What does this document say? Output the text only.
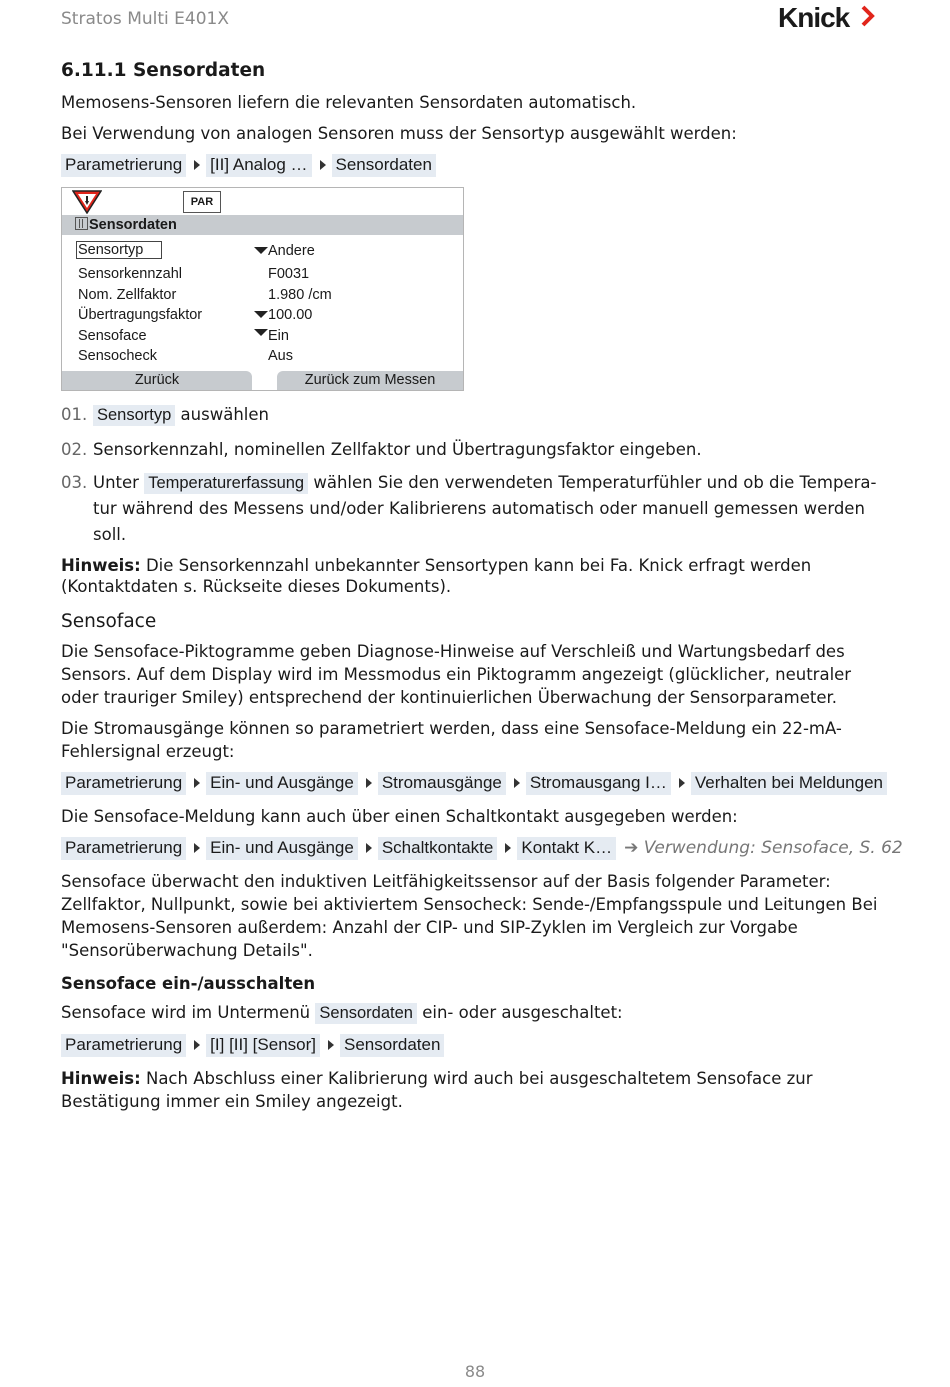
Stratos Multi E401X	Knick
6.11.1 Sensordaten
Memosens-Sensoren liefern die relevanten Sensordaten automatisch.
Bei Verwendung von analogen Sensoren muss der Sensortyp ausgewählt werden:
Parametrierung [II] Analog … Sensordaten
PAR
Sensordaten
Sensortyp	Andere
Sensorkennzahl	F0031
Nom. Zellfaktor	1.980 /cm
Übertragungsfaktor	100.00
Sensoface	Ein
Sensocheck	Aus
Zurück	Zurück zum Messen
01. Sensortyp auswählen
02. Sensorkennzahl, nominellen Zellfaktor und Übertragungsfaktor eingeben.
03. Unter Temperaturerfassung wählen Sie den verwendeten Temperaturfühler und ob die Temperatur während des Messens und/oder Kalibrierens automatisch oder manuell gemessen werden soll.
Hinweis: Die Sensorkennzahl unbekannter Sensortypen kann bei Fa. Knick erfragt werden (Kontaktdaten s. Rückseite dieses Dokuments).
Sensoface
Die Sensoface-Piktogramme geben Diagnose-Hinweise auf Verschleiß und Wartungsbedarf des Sensors. Auf dem Display wird im Messmodus ein Piktogramm angezeigt (glücklicher, neutraler oder trauriger Smiley) entsprechend der kontinuierlichen Überwachung der Sensorparameter.
Die Stromausgänge können so parametriert werden, dass eine Sensoface-Meldung ein 22-mA-Fehlersignal erzeugt:
Parametrierung Ein- und Ausgänge Stromausgänge Stromausgang I… Verhalten bei Meldungen
Die Sensoface-Meldung kann auch über einen Schaltkontakt ausgegeben werden:
Parametrierung Ein- und Ausgänge Schaltkontakte Kontakt K… ➔ Verwendung: Sensoface, S. 62
Sensoface überwacht den induktiven Leitfähigkeitssensor auf der Basis folgender Parameter: Zellfaktor, Nullpunkt, sowie bei aktiviertem Sensocheck: Sende-/Empfangsspule und Leitungen Bei Memosens-Sensoren außerdem: Anzahl der CIP- und SIP-Zyklen im Vergleich zur Vorgabe "Sensorüberwachung Details".
Sensoface ein-/ausschalten
Sensoface wird im Untermenü Sensordaten ein- oder ausgeschaltet:
Parametrierung [I] [II] [Sensor] Sensordaten
Hinweis: Nach Abschluss einer Kalibrierung wird auch bei ausgeschaltetem Sensoface zur Bestätigung immer ein Smiley angezeigt.
88
